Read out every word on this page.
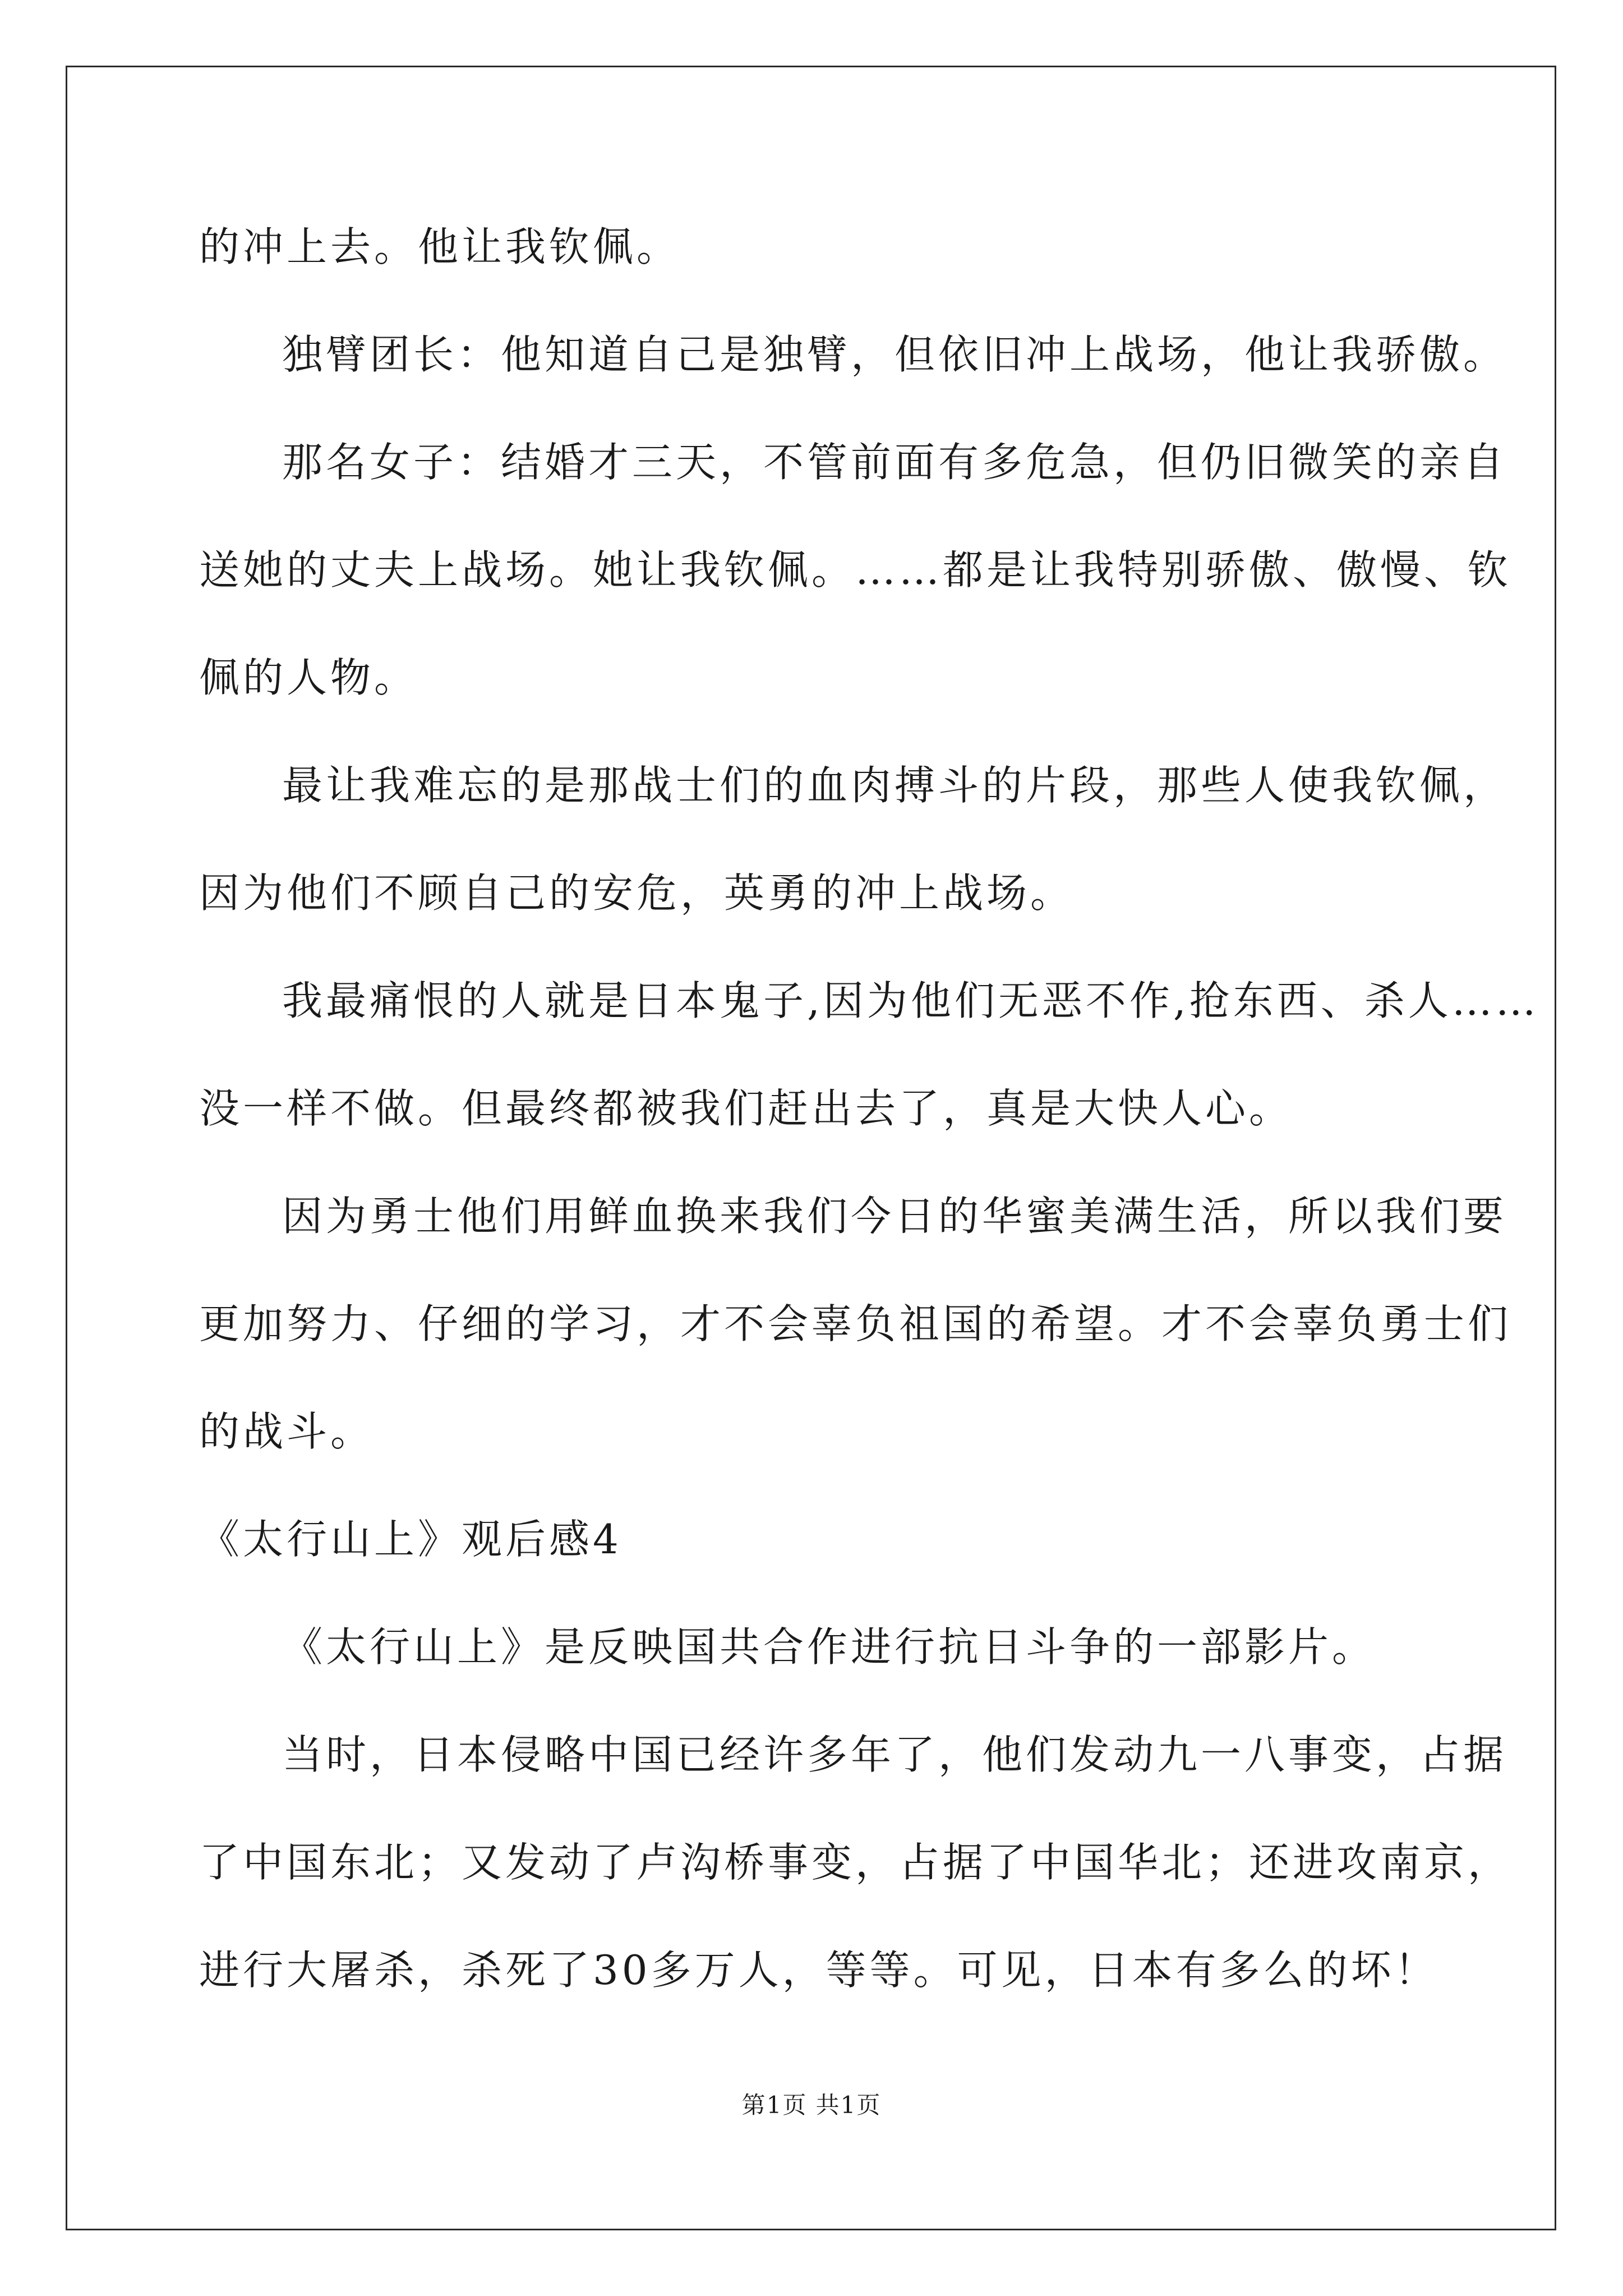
的冲上去。他让我钦佩。
独臂团长：他知道自己是独臂，但依旧冲上战场，他让我骄傲。
那名女子：结婚才三天，不管前面有多危急，但仍旧微笑的亲自
送她的丈夫上战场。她让我钦佩。……都是让我特别骄傲、傲慢、钦
佩的人物。
最让我难忘的是那战士们的血肉搏斗的片段，那些人使我钦佩，
因为他们不顾自己的安危，英勇的冲上战场。
我最痛恨的人就是日本鬼子,因为他们无恶不作,抢东西、杀人……
没一样不做。但最终都被我们赶出去了，真是大快人心。
因为勇士他们用鲜血换来我们今日的华蜜美满生活，所以我们要
更加努力、仔细的学习，才不会辜负祖国的希望。才不会辜负勇士们
的战斗。
《太行山上》观后感4
《太行山上》是反映国共合作进行抗日斗争的一部影片。
当时，日本侵略中国已经许多年了，他们发动九一八事变，占据
了中国东北；又发动了卢沟桥事变，占据了中国华北；还进攻南京，
进行大屠杀，杀死了30多万人，等等。可见，日本有多么的坏！
第1页 共1页
